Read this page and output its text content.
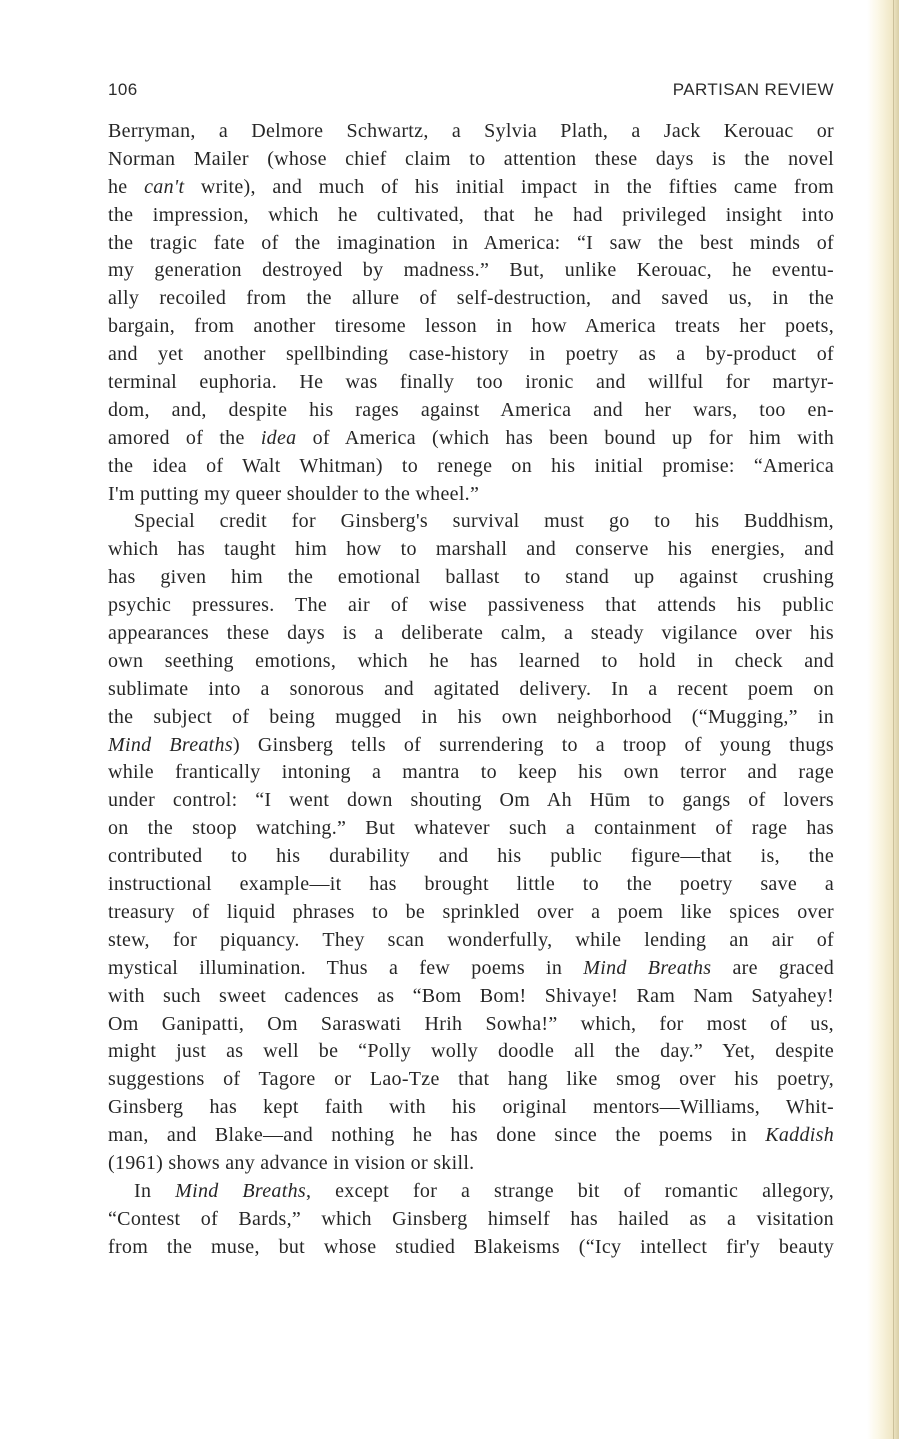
106	PARTISAN REVIEW
Berryman, a Delmore Schwartz, a Sylvia Plath, a Jack Kerouac or
Norman Mailer (whose chief claim to attention these days is the novel
he can't write), and much of his initial impact in the fifties came from
the impression, which he cultivated, that he had privileged insight into
the tragic fate of the imagination in America: “I saw the best minds of
my generation destroyed by madness.” But, unlike Kerouac, he eventu-
ally recoiled from the allure of self-destruction, and saved us, in the
bargain, from another tiresome lesson in how America treats her poets,
and yet another spellbinding case-history in poetry as a by-product of
terminal euphoria. He was finally too ironic and willful for martyr-
dom, and, despite his rages against America and her wars, too en-
amored of the idea of America (which has been bound up for him with
the idea of Walt Whitman) to renege on his initial promise: “America
I'm putting my queer shoulder to the wheel.”
Special credit for Ginsberg's survival must go to his Buddhism,
which has taught him how to marshall and conserve his energies, and
has given him the emotional ballast to stand up against crushing
psychic pressures. The air of wise passiveness that attends his public
appearances these days is a deliberate calm, a steady vigilance over his
own seething emotions, which he has learned to hold in check and
sublimate into a sonorous and agitated delivery. In a recent poem on
the subject of being mugged in his own neighborhood (“Mugging,” in
Mind Breaths) Ginsberg tells of surrendering to a troop of young thugs
while frantically intoning a mantra to keep his own terror and rage
under control: “I went down shouting Om Ah Hūm to gangs of lovers
on the stoop watching.” But whatever such a containment of rage has
contributed to his durability and his public figure—that is, the
instructional example—it has brought little to the poetry save a
treasury of liquid phrases to be sprinkled over a poem like spices over
stew, for piquancy. They scan wonderfully, while lending an air of
mystical illumination. Thus a few poems in Mind Breaths are graced
with such sweet cadences as “Bom Bom! Shivaye! Ram Nam Satyahey!
Om Ganipatti, Om Saraswati Hrih Sowha!” which, for most of us,
might just as well be “Polly wolly doodle all the day.” Yet, despite
suggestions of Tagore or Lao-Tze that hang like smog over his poetry,
Ginsberg has kept faith with his original mentors—Williams, Whit-
man, and Blake—and nothing he has done since the poems in Kaddish
(1961) shows any advance in vision or skill.
In Mind Breaths, except for a strange bit of romantic allegory,
“Contest of Bards,” which Ginsberg himself has hailed as a visitation
from the muse, but whose studied Blakeisms (“Icy intellect fir'y beauty
